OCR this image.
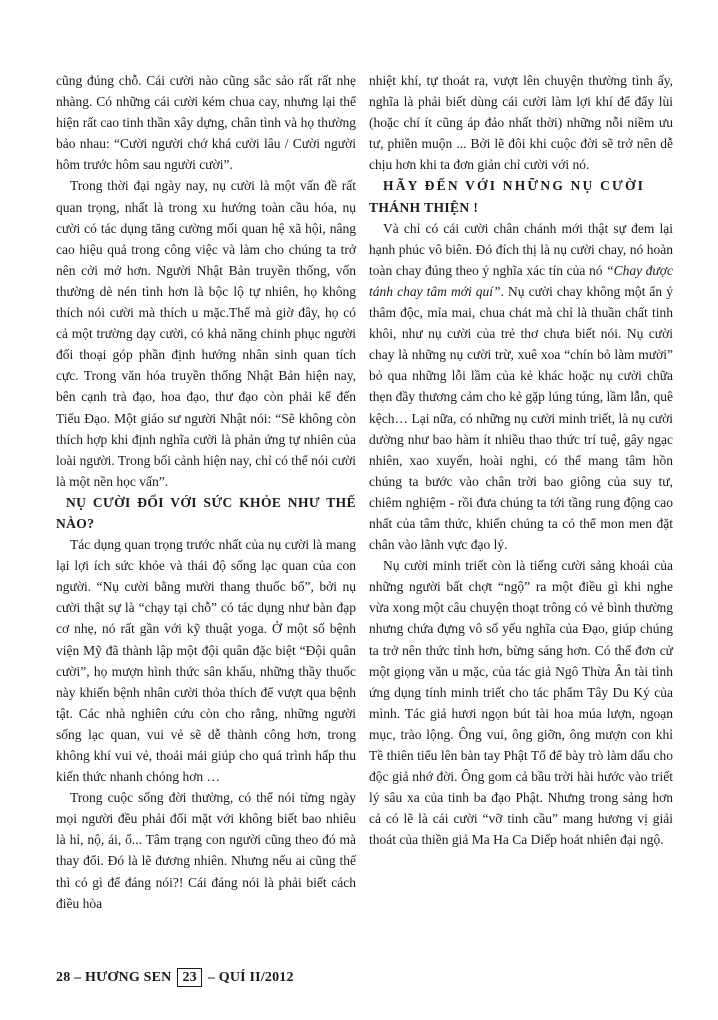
cũng đúng chỗ. Cái cười nào cũng sắc sảo rất rất nhẹ nhàng. Có những cái cười kém chua cay, nhưng lại thể hiện rất cao tinh thần xây dựng, chân tình và họ thường bảo nhau: “Cười người chớ khá cười lâu / Cười người hôm trước hôm sau người cười”.

Trong thời đại ngày nay, nụ cười là một vấn đề rất quan trọng, nhất là trong xu hướng toàn cầu hóa, nụ cười có tác dụng tăng cường mối quan hệ xã hội, nâng cao hiệu quả trong công việc và làm cho chúng ta trở nên cởi mở hơn. Người Nhật Bản truyền thống, vốn thường dè nén tình hơn là bộc lộ tự nhiên, họ không thích nói cười mà thích u mặc.Thế mà giờ đây, họ có cả một trường dạy cười, có khả năng chinh phục người đối thoại góp phần định hướng nhân sinh quan tích cực. Trong văn hóa truyền thống Nhật Bản hiện nay, bên cạnh trà đạo, hoa đạo, thư đạo còn phải kể đến Tiếu Đạo. Một giáo sư người Nhật nói: “Sẽ không còn thích hợp khi định nghĩa cười là phản ứng tự nhiên của loài người. Trong bối cảnh hiện nay, chỉ có thể nói cười là một nền học vấn”.

NỤ CƯỜI ĐỐI VỚI SỨC KHỎE NHƯ THẾ NÀO?

Tác dụng quan trọng trước nhất của nụ cười là mang lại lợi ích sức khỏe và thái độ sống lạc quan của con người. “Nụ cười bằng mười thang thuốc bổ”, bởi nụ cười thật sự là “chạy tại chỗ” có tác dụng như bàn đạp cơ nhẹ, nó rất gần với kỹ thuật yoga. Ở một số bệnh viện Mỹ đã thành lập một đội quân đặc biệt “Đội quân cười”, họ mượn hình thức sân khấu, những thầy thuốc này khiến bệnh nhân cười thỏa thích để vượt qua bệnh tật. Các nhà nghiên cứu còn cho rằng, những người sống lạc quan, vui vẻ sẽ dễ thành công hơn, trong không khí vui vẻ, thoải mái giúp cho quá trình hấp thu kiến thức nhanh chóng hơn …

Trong cuộc sống đời thường, có thể nói từng ngày mọi người đều phải đối mặt với không biết bao nhiêu là hỉ, nộ, ái, ố... Tâm trạng con người cũng theo đó mà thay đổi. Đó là lẽ đương nhiên. Nhưng nếu ai cũng thế thì có gì để đáng nói?! Cái đáng nói là phải biết cách điều hòa

nhiệt khí, tự thoát ra, vượt lên chuyện thường tình ấy, nghĩa là phải biết dùng cái cười làm lợi khí để đẩy lùi (hoặc chí ít cũng áp đảo nhất thời) những nỗi niềm ưu tư, phiền muộn ... Bởi lẽ đôi khi cuộc đời sẽ trở nên dễ chịu hơn khi ta đơn giản chỉ cười với nó.

HÃY ĐẾN VỚI NHỮNG NỤ CƯỜI
THÁNH THIỆN !

Và chỉ có cái cười chân chánh mới thật sự đem lại hạnh phúc vô biên. Đó đích thị là nụ cười chay, nó hoàn toàn chay đúng theo ý nghĩa xác tín của nó “Chay được tánh chay tâm mới quí”. Nụ cười chay không một ẩn ý thâm độc, mỉa mai, chua chát mà chỉ là thuần chất tinh khôi, như nụ cười của trẻ thơ chưa biết nói. Nụ cười chay là những nụ cười trừ, xuê xoa “chín bỏ làm mười” bỏ qua những lỗi lầm của kẻ khác hoặc nụ cười chữa thẹn đầy thương cảm cho kẻ gặp lúng túng, lầm lẫn, quê kệch… Lại nữa, có những nụ cười minh triết, là nụ cười dường như bao hàm ít nhiều thao thức trí tuệ, gây ngạc nhiên, xao xuyến, hoài nghi, có thể mang tâm hồn chúng ta bước vào chân trời bao giông của suy tư, chiêm nghiệm - rồi đưa chúng ta tới tầng rung động cao nhất của tâm thức, khiến chúng ta có thể mon men đặt chân vào lãnh vực đạo lý.

Nụ cười minh triết còn là tiếng cười sảng khoái của những người bất chợt “ngộ” ra một điều gì khi nghe vừa xong một câu chuyện thoạt trông có vẻ bình thường nhưng chứa đựng vô số yếu nghĩa của Đạo, giúp chúng ta trở nên thức tỉnh hơn, bừng sáng hơn. Có thể đơn cử một giọng văn u mặc, của tác giả Ngô Thừa Ân tài tình ứng dụng tính minh triết cho tác phẩm Tây Du Ký của mình. Tác giả hươi ngọn bút tài hoa múa lượn, ngoạn mục, trào lộng. Ông vui, ông giỡn, ông mượn con khỉ Tề thiên tiểu lên bàn tay Phật Tổ để bày trò làm dấu cho độc giả nhớ đời. Ông gom cả bầu trời hài hước vào triết lý sâu xa của tinh ba đạo Phật. Nhưng trong sảng hơn cả có lẽ là cái cười “vỡ tinh cầu” mang hương vị giải thoát của thiền giả Ma Ha Ca Diếp hoát nhiên đại ngộ.

28 – HƯƠNG SEN 23 – QUÍ II/2012
